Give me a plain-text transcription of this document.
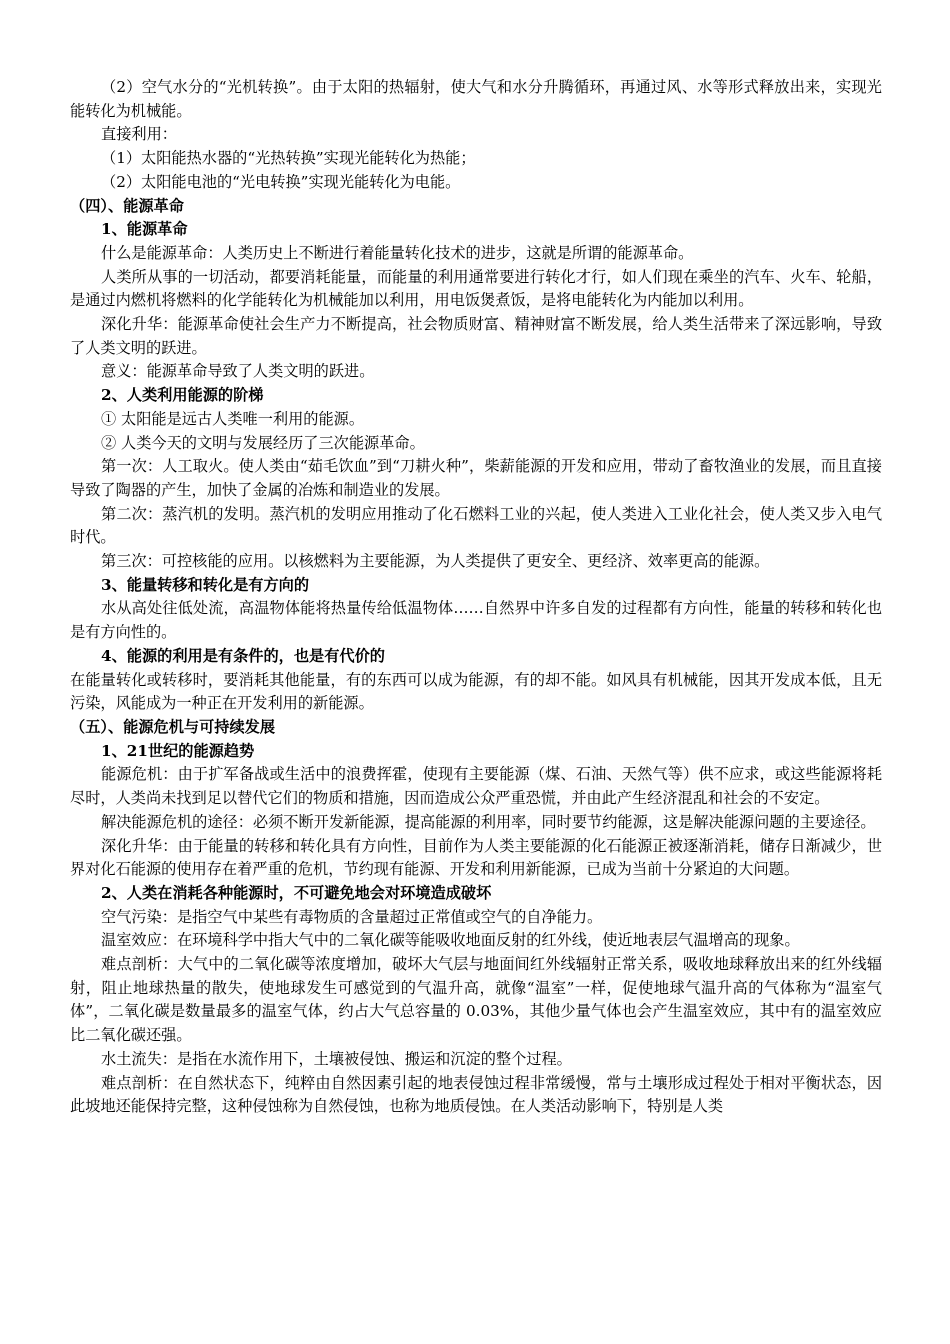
（2）空气水分的“光机转换”。由于太阳的热辐射，使大气和水分升腾循环，再通过风、水等形式释放出来，实现光能转化为机械能。
直接利用：
（1）太阳能热水器的“光热转换”实现光能转化为热能；
（2）太阳能电池的“光电转换”实现光能转化为电能。
（四）、能源革命
1、能源革命
什么是能源革命：人类历史上不断进行着能量转化技术的进步，这就是所谓的能源革命。
人类所从事的一切活动，都要消耗能量，而能量的利用通常要进行转化才行，如人们现在乘坐的汽车、火车、轮船，是通过内燃机将燃料的化学能转化为机械能加以利用，用电饭煲煮饭，是将电能转化为内能加以利用。
深化升华：能源革命使社会生产力不断提高，社会物质财富、精神财富不断发展，给人类生活带来了深远影响，导致了人类文明的跃进。
意义：能源革命导致了人类文明的跃进。
2、人类利用能源的阶梯
① 太阳能是远古人类唯一利用的能源。
② 人类今天的文明与发展经历了三次能源革命。
第一次：人工取火。使人类由“茹毛饮血”到“刀耕火种”，柴薪能源的开发和应用，带动了畜牧渔业的发展，而且直接导致了陶器的产生，加快了金属的冶炼和制造业的发展。
第二次：蒸汽机的发明。蒸汽机的发明应用推动了化石燃料工业的兴起，使人类进入工业化社会，使人类又步入电气时代。
第三次：可控核能的应用。以核燃料为主要能源，为人类提供了更安全、更经济、效率更高的能源。
3、能量转移和转化是有方向的
水从高处往低处流，高温物体能将热量传给低温物体……自然界中许多自发的过程都有方向性，能量的转移和转化也是有方向性的。
4、能源的利用是有条件的，也是有代价的
在能量转化或转移时，要消耗其他能量，有的东西可以成为能源，有的却不能。如风具有机械能，因其开发成本低，且无污染，风能成为一种正在开发利用的新能源。
（五）、能源危机与可持续发展
1、21世纪的能源趋势
能源危机：由于扩军备战或生活中的浪费挥霍，使现有主要能源（煤、石油、天然气等）供不应求，或这些能源将耗尽时，人类尚未找到足以替代它们的物质和措施，因而造成公众严重恐慌，并由此产生经济混乱和社会的不安定。
解决能源危机的途径：必须不断开发新能源，提高能源的利用率，同时要节约能源，这是解决能源问题的主要途径。
深化升华：由于能量的转移和转化具有方向性，目前作为人类主要能源的化石能源正被逐渐消耗，储存日渐减少，世界对化石能源的使用存在着严重的危机，节约现有能源、开发和利用新能源，已成为当前十分紧迫的大问题。
2、人类在消耗各种能源时，不可避免地会对环境造成破坏
空气污染：是指空气中某些有毒物质的含量超过正常值或空气的自净能力。
温室效应：在环境科学中指大气中的二氧化碳等能吸收地面反射的红外线，使近地表层气温增高的现象。
难点剖析：大气中的二氧化碳等浓度增加，破坏大气层与地面间红外线辐射正常关系，吸收地球释放出来的红外线辐射，阻止地球热量的散失，使地球发生可感觉到的气温升高，就像“温室”一样，促使地球气温升高的气体称为“温室气体”，二氧化碳是数量最多的温室气体，约占大气总容量的 0.03%，其他少量气体也会产生温室效应，其中有的温室效应比二氧化碳还强。
水土流失：是指在水流作用下，土壤被侵蚀、搬运和沉淀的整个过程。
难点剖析：在自然状态下，纯粹由自然因素引起的地表侵蚀过程非常缓慢，常与土壤形成过程处于相对平衡状态，因此坡地还能保持完整，这种侵蚀称为自然侵蚀，也称为地质侵蚀。在人类活动影响下，特别是人类
